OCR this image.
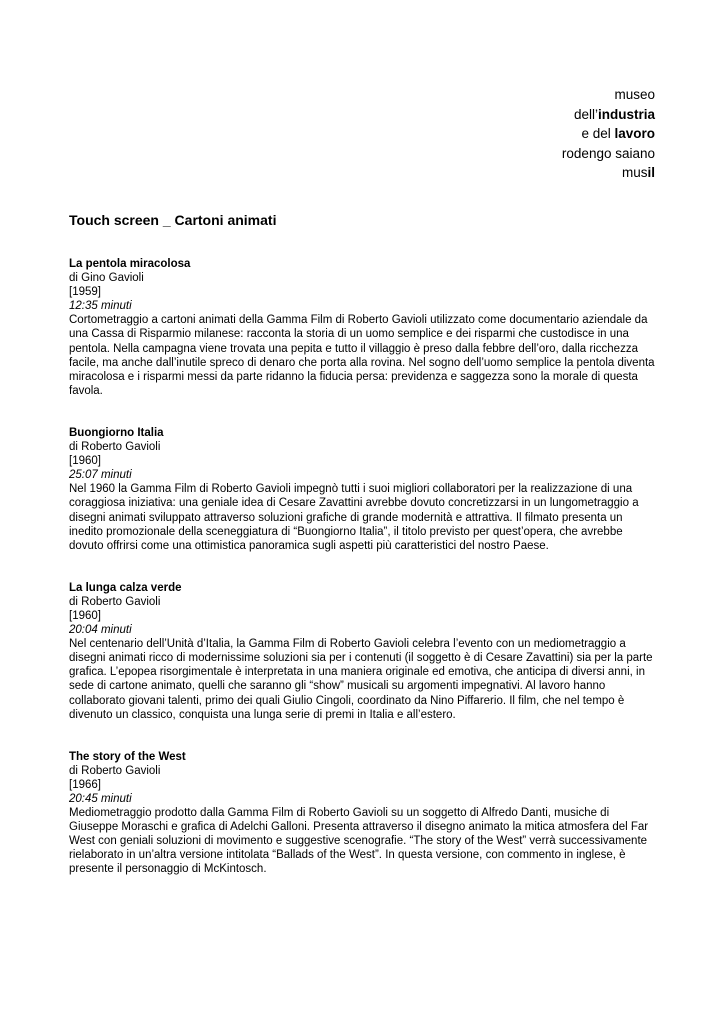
museo
dell’industria
e del lavoro
rodengo saiano
musil
Touch screen _ Cartoni animati
La pentola miracolosa
di Gino Gavioli
[1959]
12:35 minuti
Cortometraggio a cartoni animati della Gamma Film di Roberto Gavioli utilizzato come documentario aziendale da una Cassa di Risparmio milanese: racconta la storia di un uomo semplice e dei risparmi che custodisce in una pentola. Nella campagna viene trovata una pepita e tutto il villaggio è preso dalla febbre dell’oro, dalla ricchezza facile, ma anche dall’inutile spreco di denaro che porta alla rovina. Nel sogno dell’uomo semplice la pentola diventa miracolosa e i risparmi messi da parte ridanno la fiducia persa: previdenza e saggezza sono la morale di questa favola.
Buongiorno Italia
di Roberto Gavioli
[1960]
25:07 minuti
Nel 1960 la Gamma Film di Roberto Gavioli impegnò tutti i suoi migliori collaboratori per la realizzazione di una coraggiosa iniziativa: una geniale idea di Cesare Zavattini avrebbe dovuto concretizzarsi in un lungometraggio a disegni animati sviluppato attraverso soluzioni grafiche di grande modernità e attrattiva. Il filmato presenta un inedito promozionale della sceneggiatura di “Buongiorno Italia”, il titolo previsto per quest’opera, che avrebbe dovuto offrirsi come una ottimistica panoramica sugli aspetti più caratteristici del nostro Paese.
La lunga calza verde
di Roberto Gavioli
[1960]
20:04 minuti
Nel centenario dell’Unità d’Italia, la Gamma Film di Roberto Gavioli celebra l’evento con un mediometraggio a disegni animati ricco di modernissime soluzioni sia per i contenuti (il soggetto è di Cesare Zavattini) sia per la parte grafica. L’epopea risorgimentale è interpretata in una maniera originale ed emotiva, che anticipa di diversi anni, in sede di cartone animato, quelli che saranno gli “show” musicali su argomenti impegnativi. Al lavoro hanno collaborato giovani talenti, primo dei quali Giulio Cingoli, coordinato da Nino Piffarerio. Il film, che nel tempo è divenuto un classico, conquista una lunga serie di premi in Italia e all’estero.
The story of the West
di Roberto Gavioli
[1966]
20:45 minuti
Mediometraggio prodotto dalla Gamma Film di Roberto Gavioli su un soggetto di Alfredo Danti, musiche di Giuseppe Moraschi e grafica di Adelchi Galloni. Presenta attraverso il disegno animato la mitica atmosfera del Far West con geniali soluzioni di movimento e suggestive scenografie. “The story of the West” verrà successivamente rielaborato in un’altra versione intitolata “Ballads of the West”. In questa versione, con commento in inglese, è presente il personaggio di McKintosch.
